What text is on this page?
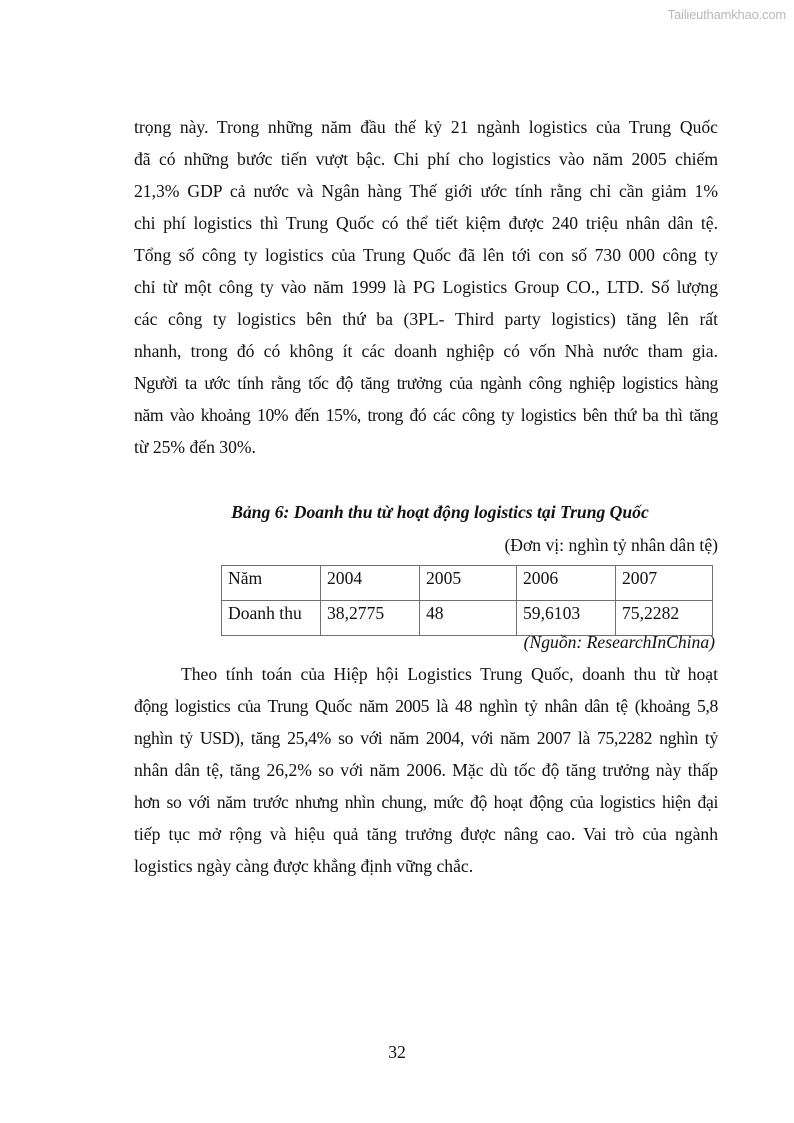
Tailieuthamkhao.com
trọng này. Trong những năm đầu thế kỷ 21 ngành logistics của Trung Quốc
đã có những bước tiến vượt bậc. Chi phí cho logistics vào năm 2005 chiếm
21,3% GDP cả nước và Ngân hàng Thế giới ước tính rằng chỉ cần giảm 1%
chi phí logistics thì Trung Quốc có thể tiết kiệm được 240 triệu nhân dân tệ.
Tổng số công ty logistics của Trung Quốc đã lên tới con số 730 000 công ty
chỉ từ một công ty vào năm 1999 là PG Logistics Group CO., LTD. Số lượng
các công ty logistics bên thứ ba (3PL- Third party logistics) tăng lên rất
nhanh, trong đó có không ít các doanh nghiệp có vốn Nhà nước tham gia.
Người ta ước tính rằng tốc độ tăng trưởng của ngành công nghiệp logistics hàng
năm vào khoảng 10% đến 15%, trong đó các công ty logistics bên thứ ba thì tăng
từ 25% đến 30%.
Bảng 6: Doanh thu từ hoạt động logistics tại Trung Quốc
(Đơn vị: nghìn tỷ nhân dân tệ)
Năm	2004	2005	2006	2007
Doanh thu	38,2775	48	59,6103	75,2282
(Nguồn: ResearchInChina)
Theo tính toán của Hiệp hội Logistics Trung Quốc, doanh thu từ hoạt
động logistics của Trung Quốc năm 2005 là 48 nghìn tỷ nhân dân tệ (khoảng 5,8
nghìn tỷ USD), tăng 25,4% so với năm 2004, với năm 2007 là 75,2282 nghìn tỷ
nhân dân tệ, tăng 26,2% so với năm 2006. Mặc dù tốc độ tăng trưởng này thấp
hơn so với năm trước nhưng nhìn chung, mức độ hoạt động của logistics hiện đại
tiếp tục mở rộng và hiệu quả tăng trưởng được nâng cao. Vai trò của ngành
logistics ngày càng được khẳng định vững chắc.
32
